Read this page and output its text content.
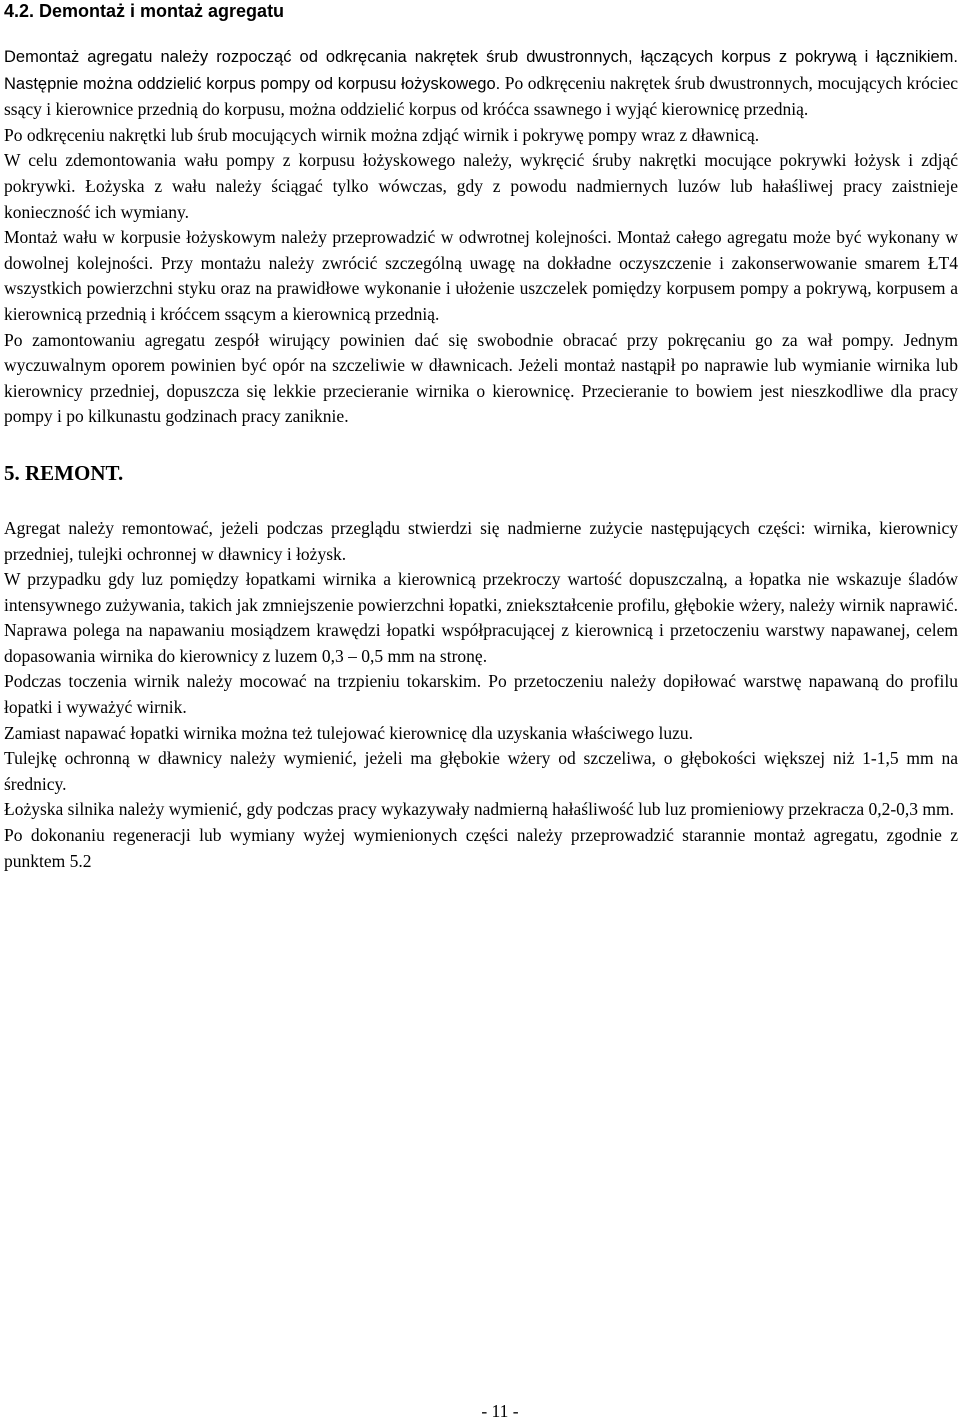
4.2. Demontaż i montaż agregatu

Demontaż agregatu należy rozpocząć od odkręcania nakrętek śrub dwustronnych, łączących korpus z pokrywą i łącznikiem. Następnie można oddzielić korpus pompy od korpusu łożyskowego. Po odkręceniu nakrętek śrub dwustronnych, mocujących króciec ssący i kierownice przednią do korpusu, można oddzielić korpus od króćca ssawnego i wyjąć kierownicę przednią.

Po odkręceniu nakrętki lub śrub mocujących wirnik można zdjąć wirnik i pokrywę pompy wraz z dławnicą.

W celu zdemontowania wału pompy z korpusu łożyskowego należy, wykręcić śruby nakrętki mocujące pokrywki łożysk i zdjąć pokrywki. Łożyska z wału należy ściągać tylko wówczas, gdy z powodu nadmiernych luzów lub hałaśliwej pracy zaistnieje konieczność ich wymiany.

Montaż wału w korpusie łożyskowym należy przeprowadzić w odwrotnej kolejności. Montaż całego agregatu może być wykonany w dowolnej kolejności. Przy montażu należy zwrócić szczególną uwagę na dokładne oczyszczenie i zakonserwowanie smarem ŁT4 wszystkich powierzchni styku oraz na prawidłowe wykonanie i ułożenie uszczelek pomiędzy korpusem pompy a pokrywą, korpusem a kierownicą przednią i króćcem ssącym a kierownicą przednią.

Po zamontowaniu agregatu zespół wirujący powinien dać się swobodnie obracać przy pokręcaniu go za wał pompy. Jednym wyczuwalnym oporem powinien być opór na szczeliwie w dławnicach. Jeżeli montaż nastąpił po naprawie lub wymianie wirnika lub kierownicy przedniej, dopuszcza się lekkie przecieranie wirnika o kierownicę. Przecieranie to bowiem jest nieszkodliwe dla pracy pompy i po kilkunastu godzinach pracy zaniknie.

5. REMONT.

Agregat należy remontować, jeżeli podczas przeglądu stwierdzi się nadmierne zużycie następujących części: wirnika, kierownicy przedniej, tulejki ochronnej w dławnicy i łożysk.

W przypadku gdy luz pomiędzy łopatkami wirnika a kierownicą przekroczy wartość dopuszczalną, a łopatka nie wskazuje śladów intensywnego zużywania, takich jak zmniejszenie powierzchni łopatki, zniekształcenie profilu, głębokie wżery, należy wirnik naprawić. Naprawa polega na napawaniu mosiądzem krawędzi łopatki współpracującej z kierownicą i przetoczeniu warstwy napawanej, celem dopasowania wirnika do kierownicy z luzem 0,3 – 0,5 mm na stronę.

Podczas toczenia wirnik należy mocować na trzpieniu tokarskim. Po przetoczeniu należy dopiłować warstwę napawaną do profilu łopatki i wyważyć wirnik.

Zamiast napawać łopatki wirnika można też tulejować kierownicę dla uzyskania właściwego luzu.

Tulejkę ochronną w dławnicy należy wymienić, jeżeli ma głębokie wżery od szczeliwa, o głębokości większej niż 1-1,5 mm na średnicy.

Łożyska silnika należy wymienić, gdy podczas pracy wykazywały nadmierną hałaśliwość lub luz promieniowy przekracza 0,2-0,3 mm.

Po dokonaniu regeneracji lub wymiany wyżej wymienionych części należy przeprowadzić starannie montaż agregatu, zgodnie z punktem 5.2

- 11 -
